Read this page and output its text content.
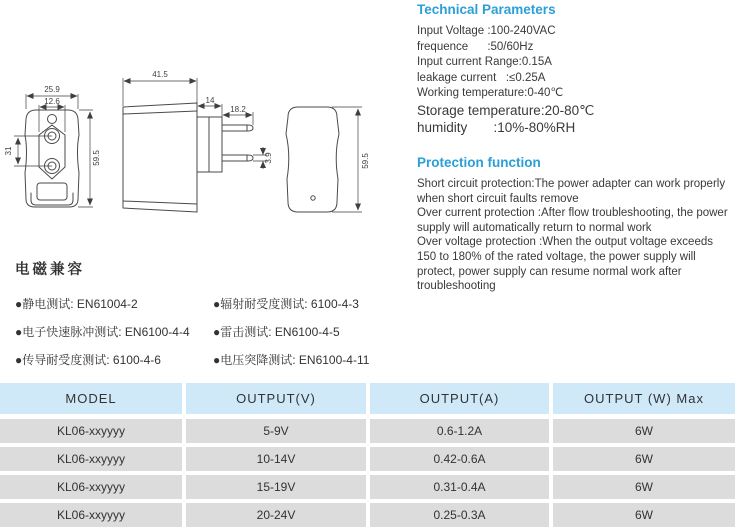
25.9
12.6
31	59.5
41.5
14
18.2
3.9	59.5
Technical Parameters
Input Voltage :100-240VAC
frequence      :50/60Hz
Input current Range:0.15A
leakage current   :≤0.25A
Working temperature:0-40℃
Storage temperature:20-80℃
humidity       :10%-80%RH
Protection function

Short circuit protection:The power adapter can work properly when short circuit faults remove

Over current protection :After flow troubleshooting, the power supply will automatically return to normal work

Over voltage protection :When the output voltage exceeds 150 to 180% of the rated voltage, the power supply will protect, power supply can resume normal work after troubleshooting

电磁兼容
●静电测试: EN61004-2
●电子快速脉冲测试: EN6100-4-4
●传导耐受度测试: 6100-4-6
●辐射耐受度测试: 6100-4-3
●雷击测试: EN6100-4-5
●电压突降测试: EN6100-4-11
MODEL	OUTPUT(V)	OUTPUT(A)	OUTPUT (W) Max
KL06-xxyyyy	5-9V	0.6-1.2A	6W
KL06-xxyyyy	10-14V	0.42-0.6A	6W
KL06-xxyyyy	15-19V	0.31-0.4A	6W
KL06-xxyyyy	20-24V	0.25-0.3A	6W
